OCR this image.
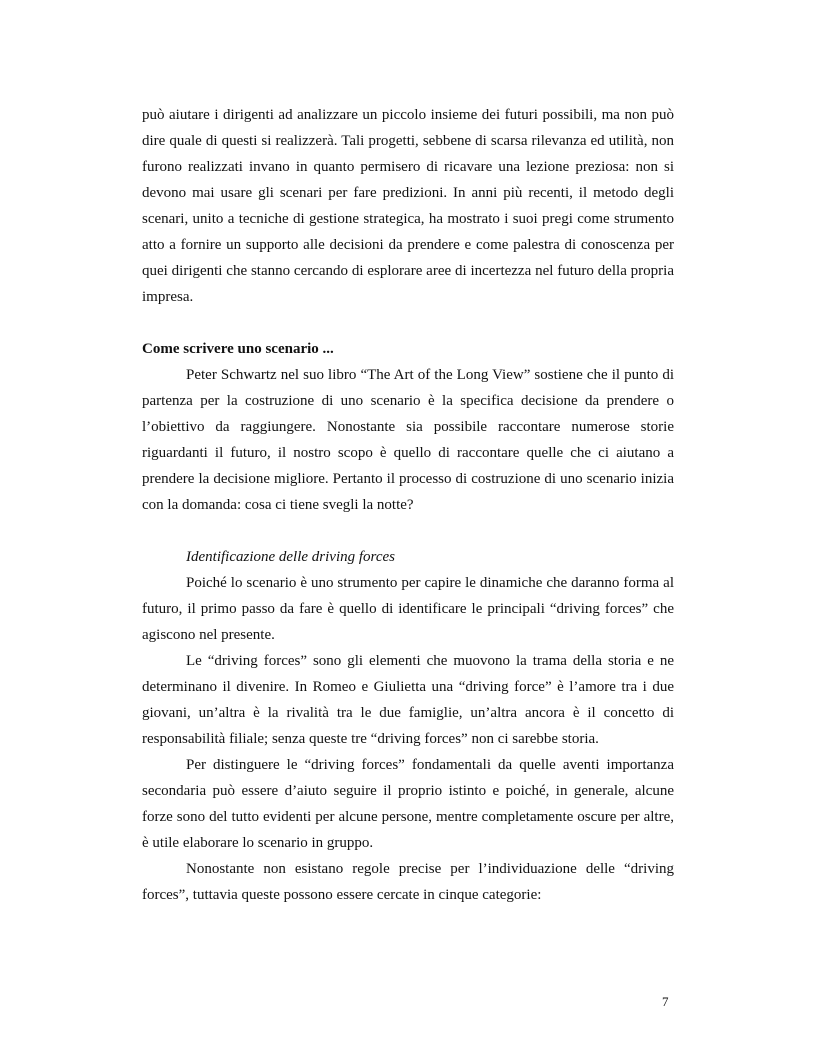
può aiutare i dirigenti ad analizzare un piccolo insieme dei futuri possibili, ma non può dire quale di questi si realizzerà. Tali progetti, sebbene di scarsa rilevanza ed utilità, non furono realizzati invano in quanto permisero di ricavare una lezione preziosa: non si devono mai usare gli scenari per fare predizioni. In anni più recenti, il metodo degli scenari, unito a tecniche di gestione strategica, ha mostrato i suoi pregi come strumento atto a fornire un supporto alle decisioni da prendere e come palestra di conoscenza per quei dirigenti che stanno cercando di esplorare aree di incertezza nel futuro della propria impresa.

Come scrivere uno scenario ...

Peter Schwartz nel suo libro “The Art of the Long View” sostiene che il punto di partenza per la costruzione di uno scenario è la specifica decisione da prendere o l’obiettivo da raggiungere. Nonostante sia possibile raccontare numerose storie riguardanti il futuro, il nostro scopo è quello di raccontare quelle che ci aiutano a prendere la decisione migliore. Pertanto il processo di costruzione di uno scenario inizia con la domanda: cosa ci tiene svegli la notte?

Identificazione delle driving forces

Poiché lo scenario è uno strumento per capire le dinamiche che daranno forma al futuro, il primo passo da fare è quello di identificare le principali “driving forces” che agiscono nel presente.

Le “driving forces” sono gli elementi che muovono la trama della storia e ne determinano il divenire. In Romeo e Giulietta una “driving force” è l’amore tra i due giovani, un’altra è la rivalità tra le due famiglie, un’altra ancora è il concetto di responsabilità filiale; senza queste tre “driving forces” non ci sarebbe storia.

Per distinguere le “driving forces” fondamentali da quelle aventi importanza secondaria può essere d’aiuto seguire il proprio istinto e poiché, in generale, alcune forze sono del tutto evidenti per alcune persone, mentre completamente oscure per altre, è utile elaborare lo scenario in gruppo.

Nonostante non esistano regole precise per l’individuazione delle “driving forces”, tuttavia queste possono essere cercate in cinque categorie:

7
